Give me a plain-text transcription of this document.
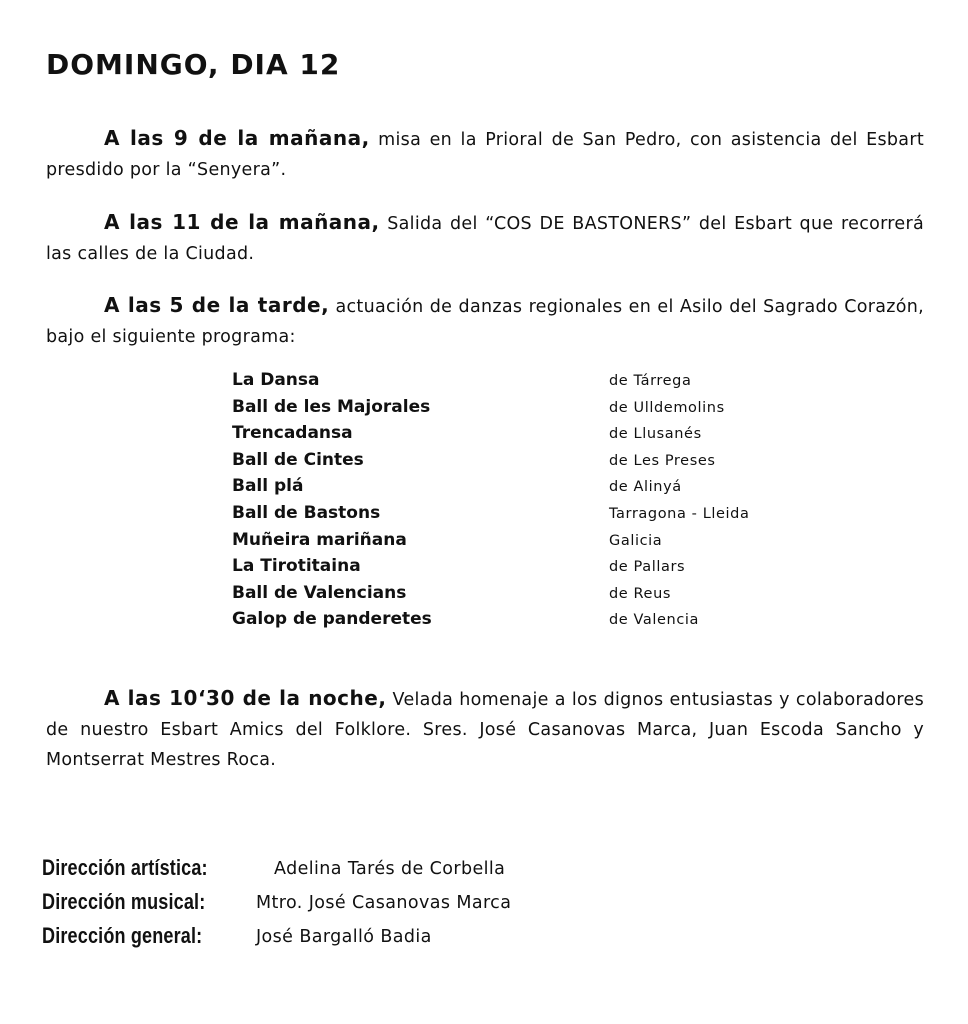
DOMINGO, DIA 12
A las 9 de la mañana, misa en la Prioral de San Pedro, con asistencia del Esbart presdido por la “Senyera”.
A las 11 de la mañana, Salida del “COS DE BASTONERS” del Esbart que recorrerá las calles de la Ciudad.
A las 5 de la tarde, actuación de danzas regionales en el Asilo del Sagrado Corazón, bajo el siguiente programa:
La Dansa	de Tárrega
Ball de les Majorales	de Ulldemolins
Trencadansa	de Llusanés
Ball de Cintes	de Les Preses
Ball plá	de Alinyá
Ball de Bastons	Tarragona - Lleida
Muñeira mariñana	Galicia
La Tirotitaina	de Pallars
Ball de Valencians	de Reus
Galop de panderetes	de Valencia
A las 10‘30 de la noche, Velada homenaje a los dignos entusiastas y colaboradores de nuestro Esbart Amics del Folklore. Sres. José Casanovas Marca, Juan Escoda Sancho y Montserrat Mestres Roca.
Dirección artística:	Adelina Tarés de Corbella
Dirección musical:	Mtro. José Casanovas Marca
Dirección general:	José Bargalló Badia
